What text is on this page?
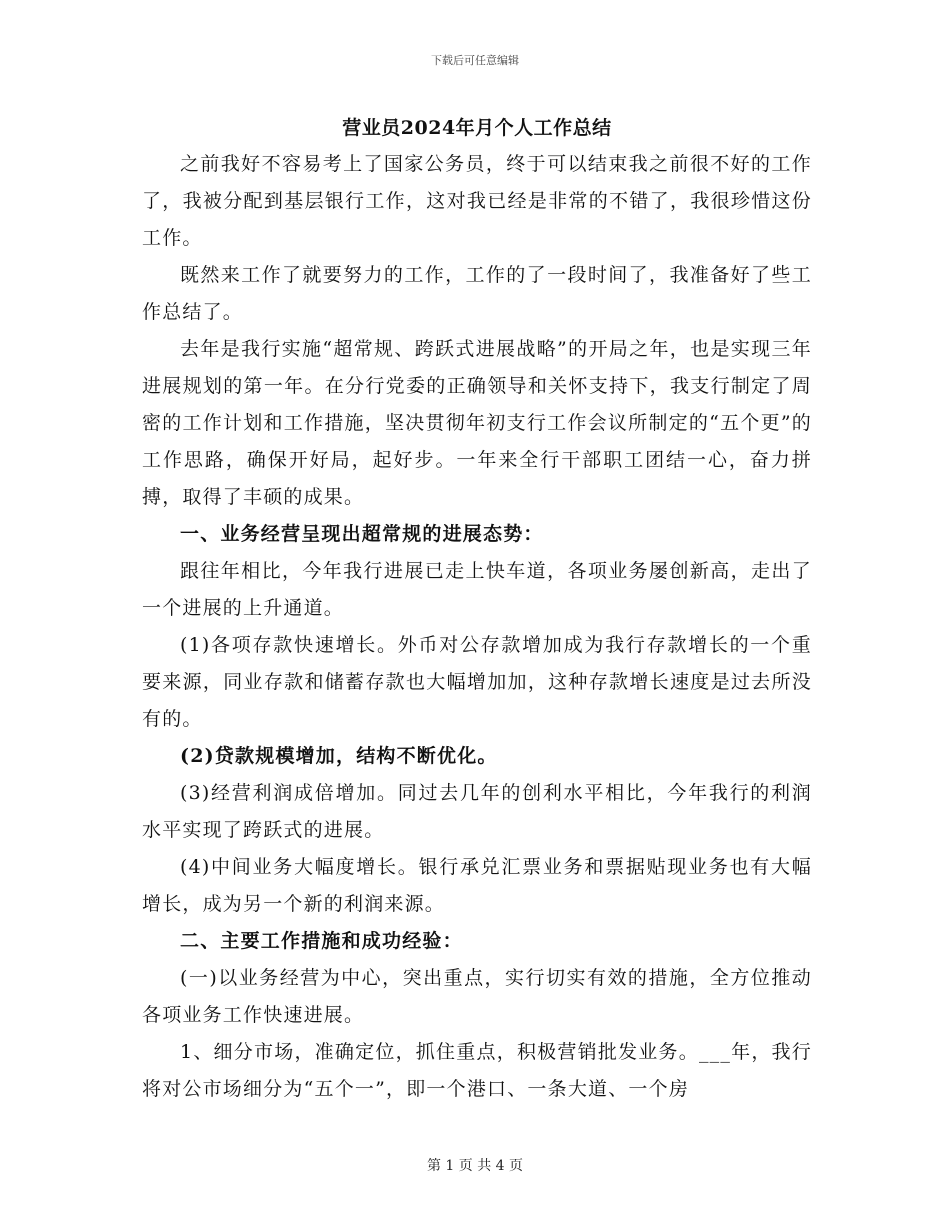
下载后可任意编辑
营业员2024年月个人工作总结

之前我好不容易考上了国家公务员，终于可以结束我之前很不好的工作了，我被分配到基层银行工作，这对我已经是非常的不错了，我很珍惜这份工作。

既然来工作了就要努力的工作，工作的了一段时间了，我准备好了些工作总结了。

去年是我行实施“超常规、跨跃式进展战略”的开局之年，也是实现三年进展规划的第一年。在分行党委的正确领导和关怀支持下，我支行制定了周密的工作计划和工作措施，坚决贯彻年初支行工作会议所制定的“五个更”的工作思路，确保开好局，起好步。一年来全行干部职工团结一心，奋力拼搏，取得了丰硕的成果。

一、业务经营呈现出超常规的进展态势：

跟往年相比，今年我行进展已走上快车道，各项业务屡创新高，走出了一个进展的上升通道。

(1)各项存款快速增长。外币对公存款增加成为我行存款增长的一个重要来源，同业存款和储蓄存款也大幅增加加，这种存款增长速度是过去所没有的。

(2)贷款规模增加，结构不断优化。

(3)经营利润成倍增加。同过去几年的创利水平相比，今年我行的利润水平实现了跨跃式的进展。

(4)中间业务大幅度增长。银行承兑汇票业务和票据贴现业务也有大幅增长，成为另一个新的利润来源。

二、主要工作措施和成功经验：

(一)以业务经营为中心，突出重点，实行切实有效的措施，全方位推动各项业务工作快速进展。

1、细分市场，准确定位，抓住重点，积极营销批发业务。___年，我行将对公市场细分为“五个一”，即一个港口、一条大道、一个房

第 1 页 共 4 页
